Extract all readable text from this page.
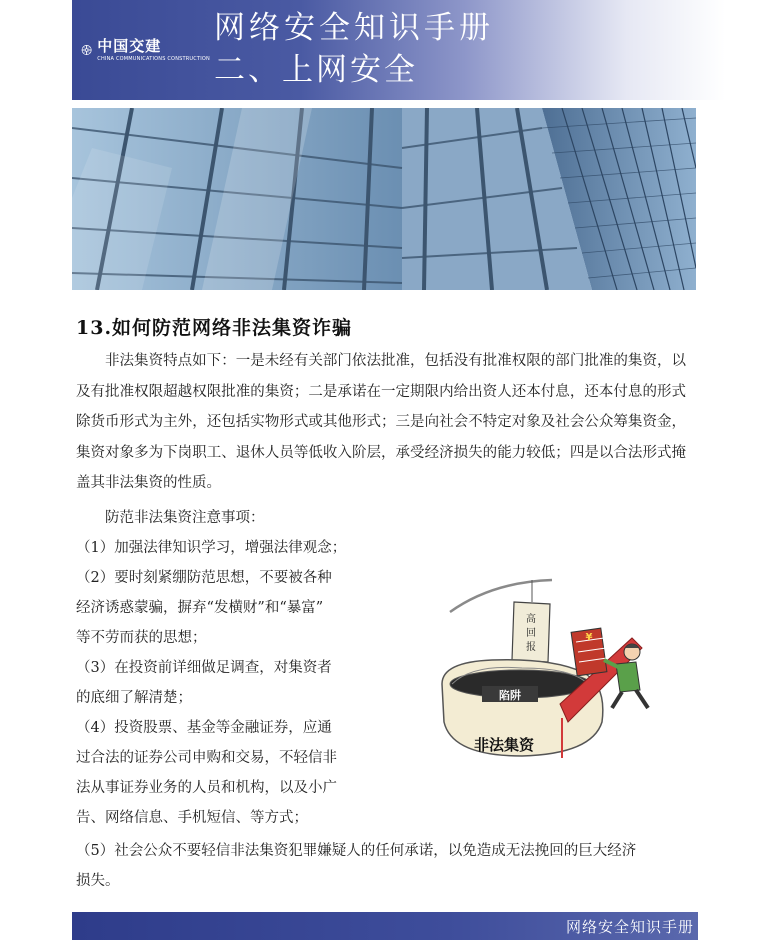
中国交建
CHINA COMMUNICATIONS CONSTRUCTION
网络安全知识手册
二、上网安全
13.如何防范网络非法集资诈骗
非法集资特点如下：一是未经有关部门依法批准，包括没有批准权限的部门批准的集资，以及有批准权限超越权限批准的集资；二是承诺在一定期限内给出资人还本付息，还本付息的形式除货币形式为主外，还包括实物形式或其他形式；三是向社会不特定对象及社会公众筹集资金，集资对象多为下岗职工、退休人员等低收入阶层，承受经济损失的能力较低；四是以合法形式掩盖其非法集资的性质。
防范非法集资注意事项：
（1）加强法律知识学习，增强法律观念；
（2）要时刻紧绷防范思想，不要被各种
经济诱惑蒙骗，摒弃“发横财”和“暴富”
等不劳而获的思想；
（3）在投资前详细做足调查，对集资者
的底细了解清楚；
（4）投资股票、基金等金融证券，应通
过合法的证券公司申购和交易，不轻信非
法从事证券业务的人员和机构，以及小广
告、网络信息、手机短信、等方式；
（5）社会公众不要轻信非法集资犯罪嫌疑人的任何承诺，以免造成无法挽回的巨大经济
损失。
高
回
报
陷阱
非法集资
¥
网络安全知识手册
